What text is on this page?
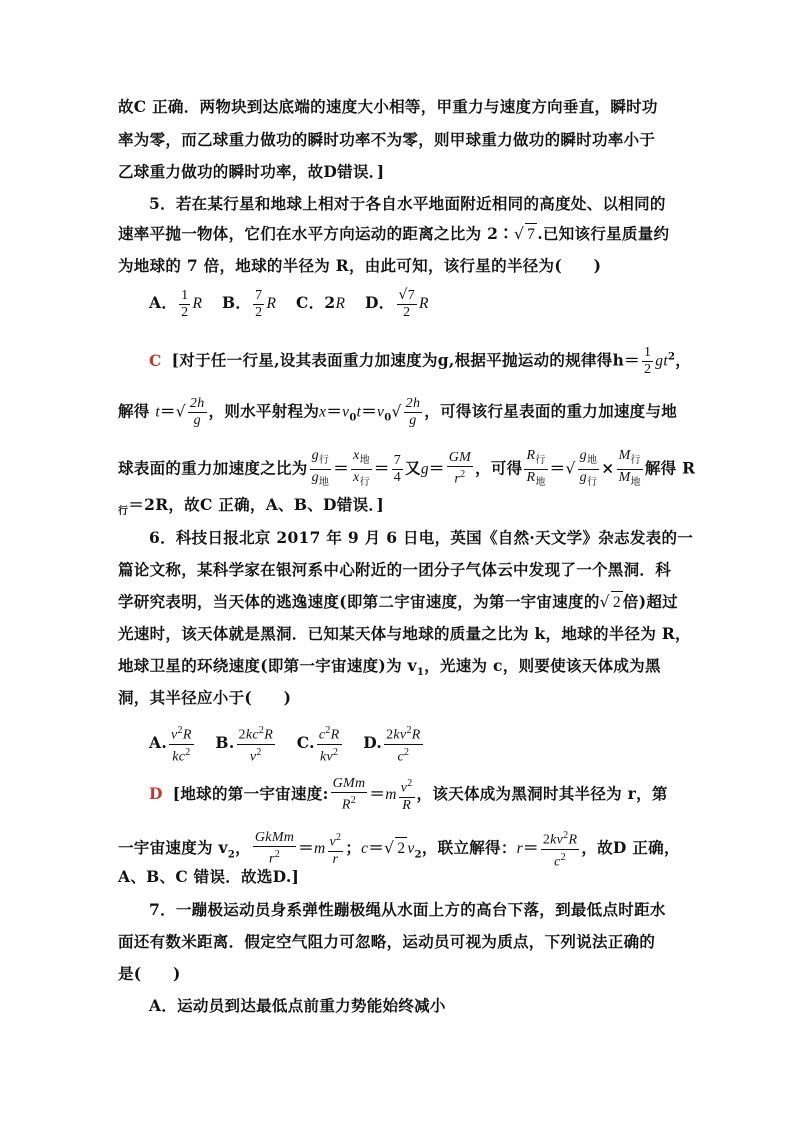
故C 正确．两物块到达底端的速度大小相等，甲重力与速度方向垂直，瞬时功
率为零，而乙球重力做功的瞬时功率不为零，则甲球重力做功的瞬时功率小于
乙球重力做功的瞬时功率，故D错误．]
5．若在某行星和地球上相对于各自水平地面附近相同的高度处、以相同的
速率平抛一物体，它们在水平方向运动的距离之比为 2∶√ 7 .已知该行星质量约
为地球的 7 倍，地球的半径为 R，由此可知，该行星的半径为(　　)
A． $\frac{1}{2}$ R B． $\frac{7}{2}$ R C．2R D． $\frac{√7}{2}$ R
C [对于任一行星,设其表面重力加速度为g,根据平抛运动的规律得$h= \frac{1}{2} gt^2$，
解得 $t=√ \frac{2h}{g}$ ，则水平射程为$x=v_0t=v_0√ \frac{2h}{g}$ ，可得该行星表面的重力加速度与地
球表面的重力加速度之比为 $\frac{g_行}{g_地} = \frac{x_地}{x_行} = \frac{7}{4}$ 又$g= \frac{GM}{r^2}$ ，可得 $\frac{R_行}{R_地}$ ＝√ $\frac{g_地}{g_行} \times \frac{M_行}{M_地}$ 解得 R
$_行$＝2R，故C 正确，A、B、D错误．]
6．科技日报北京 2017 年 9 月 6 日电，英国《自然·天文学》杂志发表的一
篇论文称，某科学家在银河系中心附近的一团分子气体云中发现了一个黑洞．科
学研究表明，当天体的逃逸速度(即第二宇宙速度，为第一宇宙速度的√ 2 倍)超过
光速时，该天体就是黑洞．已知某天体与地球的质量之比为 k，地球的半径为 R，
地球卫星的环绕速度(即第一宇宙速度)为 $v_1$，光速为 c，则要使该天体成为黑
洞，其半径应小于(　　)
A. $\frac{v^2R}{kc^2} B$. $\frac{2kc^2R}{v^2} C$. $\frac{c^2R}{kv^2} D$. $\frac{2kv^2R}{c^2}$
D [地球的第一宇宙速度: $\frac{\text{GMm}}{R^2} =m \frac{v^2}{R}$ ，该天体成为黑洞时其半径为 r，第
一宇宙速度为 $v_2$， $\frac{\text{GkMm}}{r^2} =m \frac{v^2}{r}$ ；c＝√ 2 $v_2$，联立解得：$r= \frac{2kv^2R}{c^2}$ ，故D 正确，
A、B、C 错误．故选D.]
7．一蹦极运动员身系弹性蹦极绳从水面上方的高台下落，到最低点时距水
面还有数米距离．假定空气阻力可忽略，运动员可视为质点，下列说法正确的
是(　　)
A．运动员到达最低点前重力势能始终减小
